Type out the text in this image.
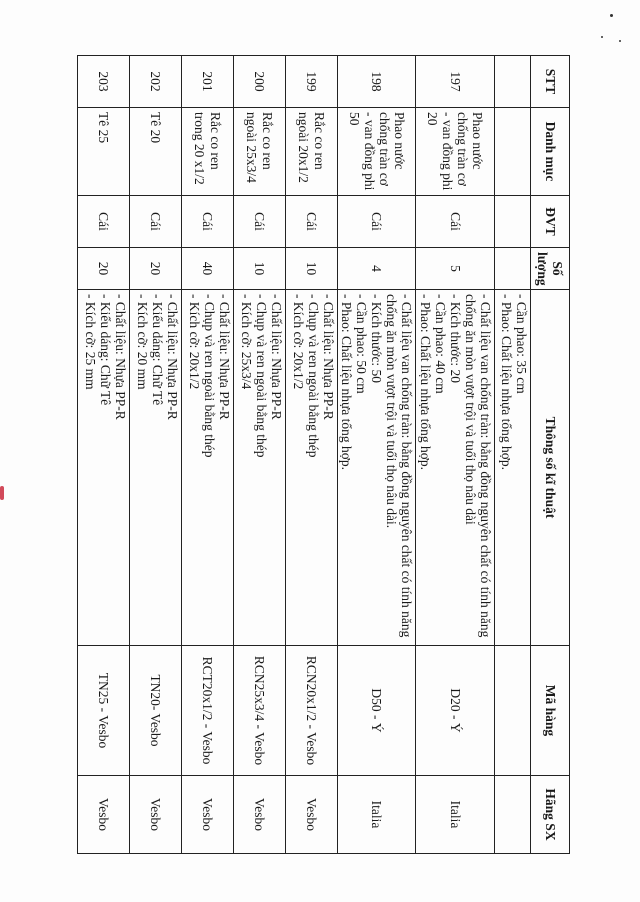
STT	Danh mục	ĐVT	Số lượng	Thông số kĩ thuật	Mã hàng	Hãng SX

				- Cần phao: 35 cm
- Phao: Chất liệu nhựa tổng hợp.		

197	Phao nước chống tràn cơ - van đồng phi 20	Cái	5	- Chất liệu van chống tràn: bằng đồng nguyên chất có tính năng chống ăn mòn vượt trội và tuổi thọ nâu dài
- Kích thước: 20
- Cần phao: 40 cm
- Phao: Chất liệu nhựa tổng hợp.	D20 - Ý	Italia
198	Phao nước chống tràn cơ - van đồng phi 50	Cái	4	- Chất liệu van chống tràn: bằng đồng nguyên chất có tính năng chống ăn mòn vượt trội và tuổi thọ nâu dài.
- Kích thước: 50
- Cần phao: 50 cm
- Phao: Chất liệu nhựa tổng hợp.	D50 - Ý	Italia
199	Rắc co ren ngoài 20x1/2	Cái	10	- Chất liệu: Nhựa PP-R
- Chụp và ren ngoài bằng thép
- Kích cỡ: 20x1/2	RCN20x1/2 - Vesbo	Vesbo
200	Rắc co ren ngoài 25x3/4	Cái	10	- Chất liệu: Nhựa PP-R
- Chụp và ren ngoài bằng thép
- Kích cỡ: 25x3/4	RCN25x3/4 - Vesbo	Vesbo
201	Rắc co ren trong 20 x1/2	Cái	40	- Chất liệu: Nhựa PP-R
- Chụp và ren ngoài bằng thép
- Kích cỡ: 20x1/2	RCT20x1/2 - Vesbo	Vesbo
202	Tê 20	Cái	20	- Chất liệu: Nhựa PP-R
- Kiểu dáng: Chữ Tê
- Kích cỡ: 20 mm	TN20- Vesbo	Vesbo
203	Tê 25	Cái	20	- Chất liệu: Nhựa PP-R
- Kiểu dáng: Chữ Tê
- Kích cỡ: 25 mm	TN25 - Vesbo	Vesbo
